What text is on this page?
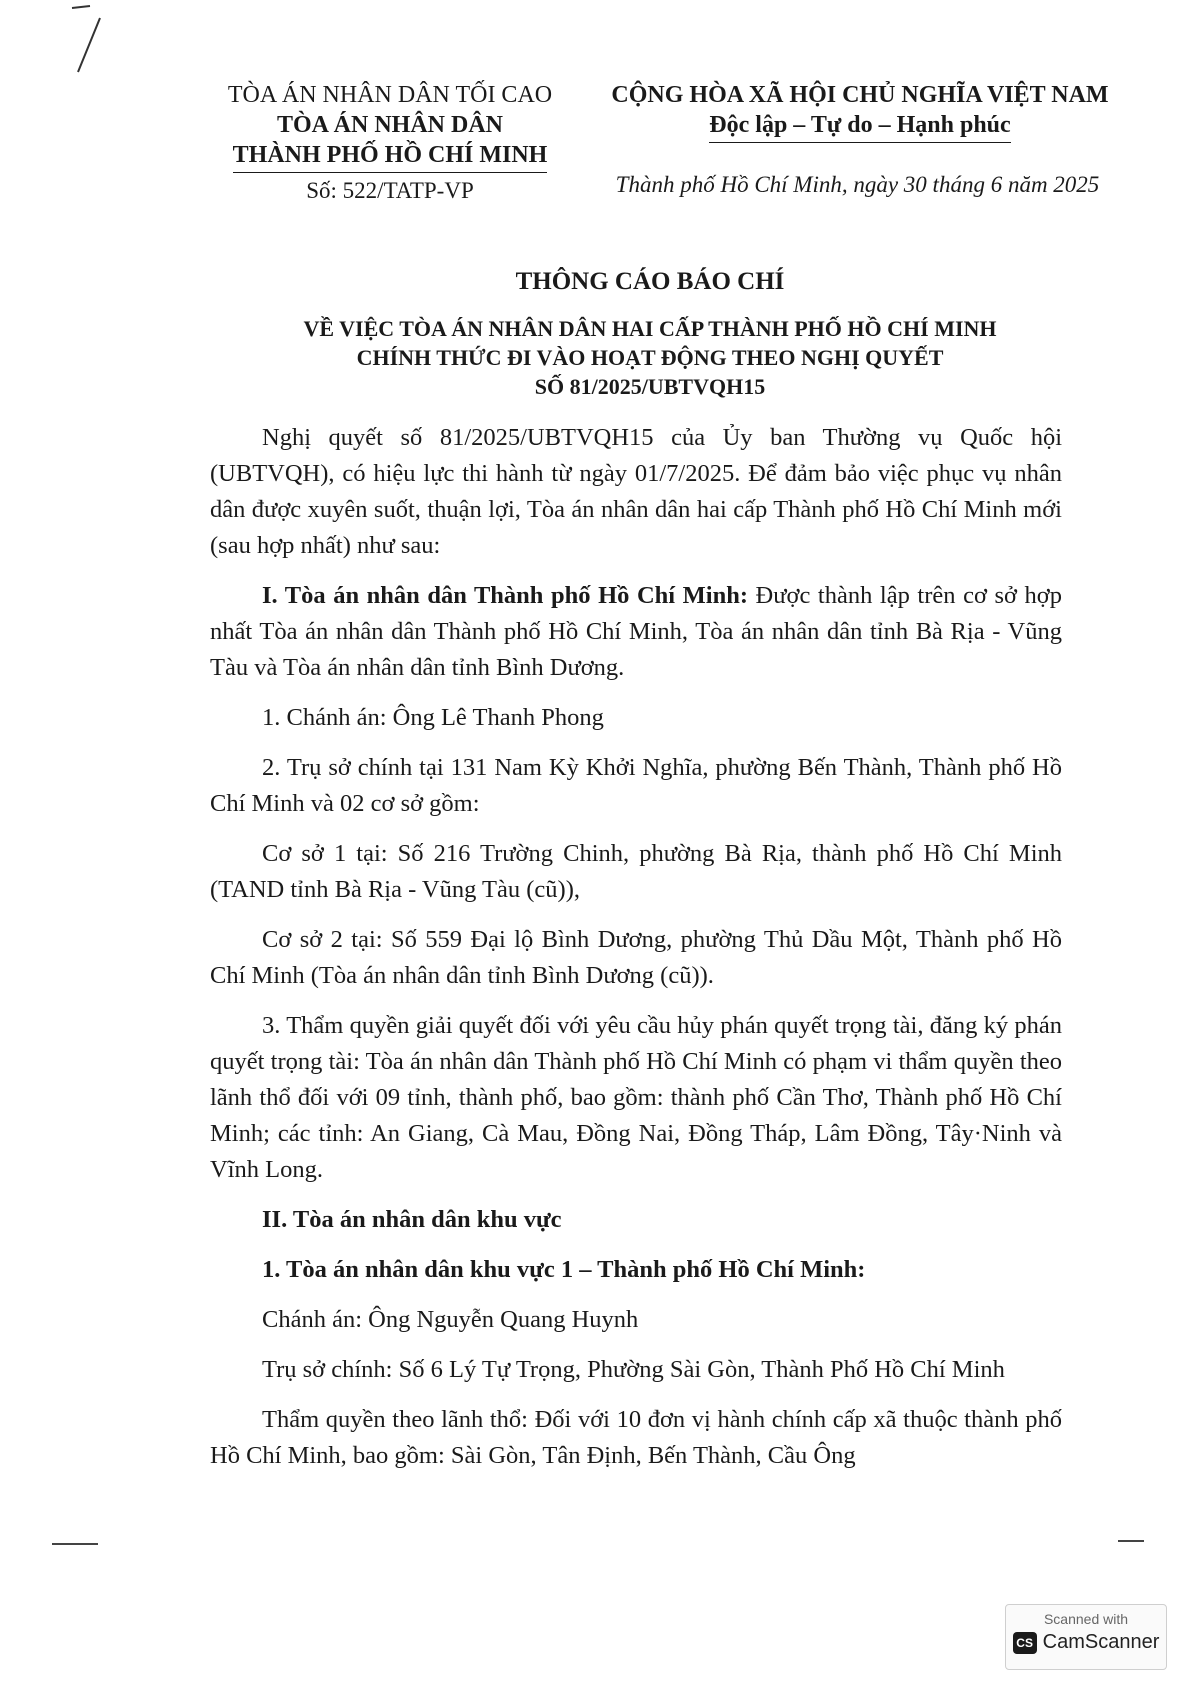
TÒA ÁN NHÂN DÂN TỐI CAO
TÒA ÁN NHÂN DÂN
THÀNH PHỐ HỒ CHÍ MINH
Số: 522/TATP-VP
CỘNG HÒA XÃ HỘI CHỦ NGHĨA VIỆT NAM
Độc lập – Tự do – Hạnh phúc
Thành phố Hồ Chí Minh, ngày 30 tháng 6 năm 2025
THÔNG CÁO BÁO CHÍ
VỀ VIỆC TÒA ÁN NHÂN DÂN HAI CẤP THÀNH PHỐ HỒ CHÍ MINH
CHÍNH THỨC ĐI VÀO HOẠT ĐỘNG THEO NGHỊ QUYẾT
SỐ 81/2025/UBTVQH15

Nghị quyết số 81/2025/UBTVQH15 của Ủy ban Thường vụ Quốc hội (UBTVQH), có hiệu lực thi hành từ ngày 01/7/2025. Để đảm bảo việc phục vụ nhân dân được xuyên suốt, thuận lợi, Tòa án nhân dân hai cấp Thành phố Hồ Chí Minh mới (sau hợp nhất) như sau:

I. Tòa án nhân dân Thành phố Hồ Chí Minh: Được thành lập trên cơ sở hợp nhất Tòa án nhân dân Thành phố Hồ Chí Minh, Tòa án nhân dân tỉnh Bà Rịa - Vũng Tàu và Tòa án nhân dân tỉnh Bình Dương.

1. Chánh án: Ông Lê Thanh Phong

2. Trụ sở chính tại 131 Nam Kỳ Khởi Nghĩa, phường Bến Thành, Thành phố Hồ Chí Minh và 02 cơ sở gồm:

Cơ sở 1 tại: Số 216 Trường Chinh, phường Bà Rịa, thành phố Hồ Chí Minh (TAND tỉnh Bà Rịa - Vũng Tàu (cũ)),

Cơ sở 2 tại: Số 559 Đại lộ Bình Dương, phường Thủ Dầu Một, Thành phố Hồ Chí Minh (Tòa án nhân dân tỉnh Bình Dương (cũ)).

3. Thẩm quyền giải quyết đối với yêu cầu hủy phán quyết trọng tài, đăng ký phán quyết trọng tài: Tòa án nhân dân Thành phố Hồ Chí Minh có phạm vi thẩm quyền theo lãnh thổ đối với 09 tỉnh, thành phố, bao gồm: thành phố Cần Thơ, Thành phố Hồ Chí Minh; các tỉnh: An Giang, Cà Mau, Đồng Nai, Đồng Tháp, Lâm Đồng, Tây·Ninh và Vĩnh Long.

II. Tòa án nhân dân khu vực

1. Tòa án nhân dân khu vực 1 – Thành phố Hồ Chí Minh:

Chánh án: Ông Nguyễn Quang Huynh

Trụ sở chính: Số 6 Lý Tự Trọng, Phường Sài Gòn, Thành Phố Hồ Chí Minh

Thẩm quyền theo lãnh thổ: Đối với 10 đơn vị hành chính cấp xã thuộc thành phố Hồ Chí Minh, bao gồm: Sài Gòn, Tân Định, Bến Thành, Cầu Ông

Scanned with
CS CamScanner
